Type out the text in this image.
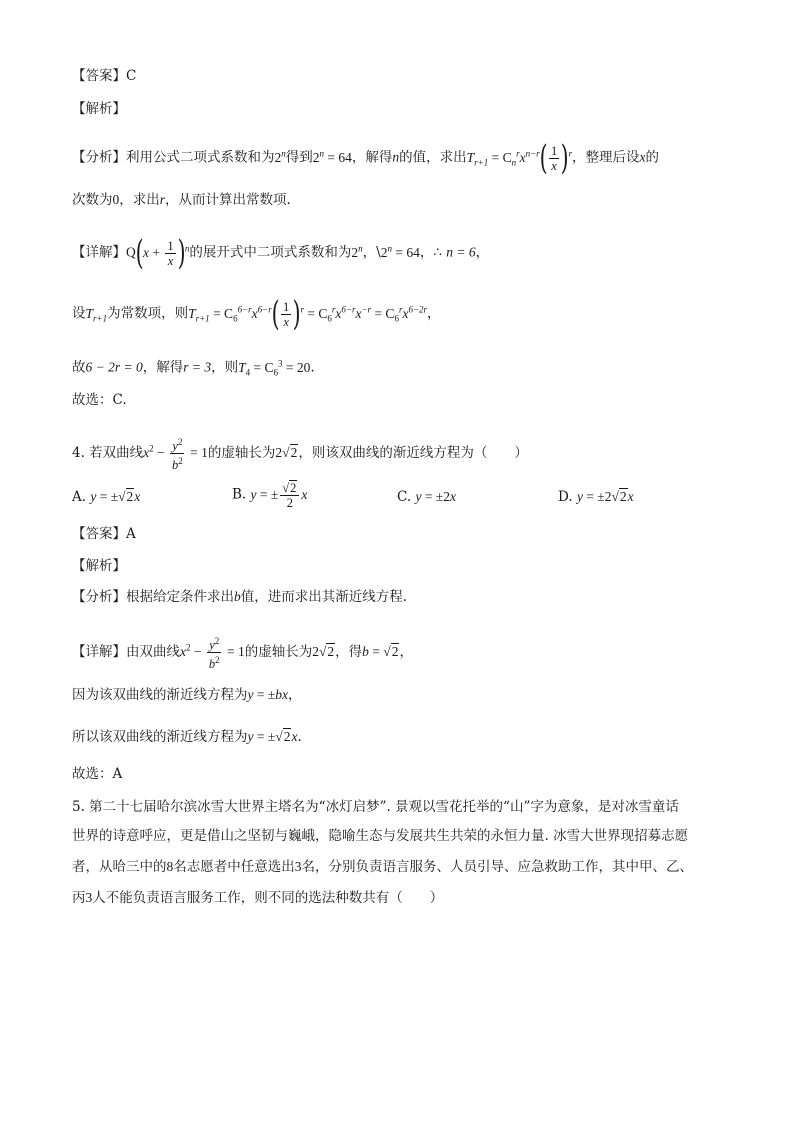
【答案】C
【解析】
【分析】利用公式二项式系数和为2$^n$得到$2^n = 64$，解得n的值，求出$T_{r+1} = C_n^rx^{n-r}( \frac{1}{x} )^r$，整理后设x的
次数为0，求出r，从而计算出常数项.
【详解】$Q(x + \frac{1}{x} )^n$的展开式中二项式系数和为2$^n$，$\backslash 2^n = 64$，∴ n = 6，
设$T_{r+1}$为常数项，则$T_{r+1} = C_6^{6-r}x^{6-r}( \frac{1}{x} )^r = C_6^rx^{6-r}x^{-r} = C_6^rx^{6-2r}$，
故6 − 2r = 0，解得r = 3，则$T_4 = C_6^3 = 20$.
故选：C.
4. 若双曲线$x^2 - \frac{y^2}{b^2} = 1$的虚轴长为2√2，则该双曲线的渐近线方程为（　　）
A. y = ±√2x	B. y = ± $\frac{√2}{2}$ x	C. y = ±2x	D. y = ±2√2x
【答案】A
【解析】
【分析】根据给定条件求出b值，进而求出其渐近线方程.
【详解】由双曲线$x^2 - \frac{y^2}{b^2} = 1$的虚轴长为2√2，得b = √2，
因为该双曲线的渐近线方程为y = ±bx，
所以该双曲线的渐近线方程为y = ±√2x.
故选：A
5. 第二十七届哈尔滨冰雪大世界主塔名为“冰灯启梦”. 景观以雪花托举的“山”字为意象，是对冰雪童话
世界的诗意呼应，更是借山之坚韧与巍峨，隐喻生态与发展共生共荣的永恒力量. 冰雪大世界现招募志愿
者，从哈三中的8名志愿者中任意选出3名，分别负责语言服务、人员引导、应急救助工作，其中甲、乙、
丙3人不能负责语言服务工作，则不同的选法种数共有（　　）
